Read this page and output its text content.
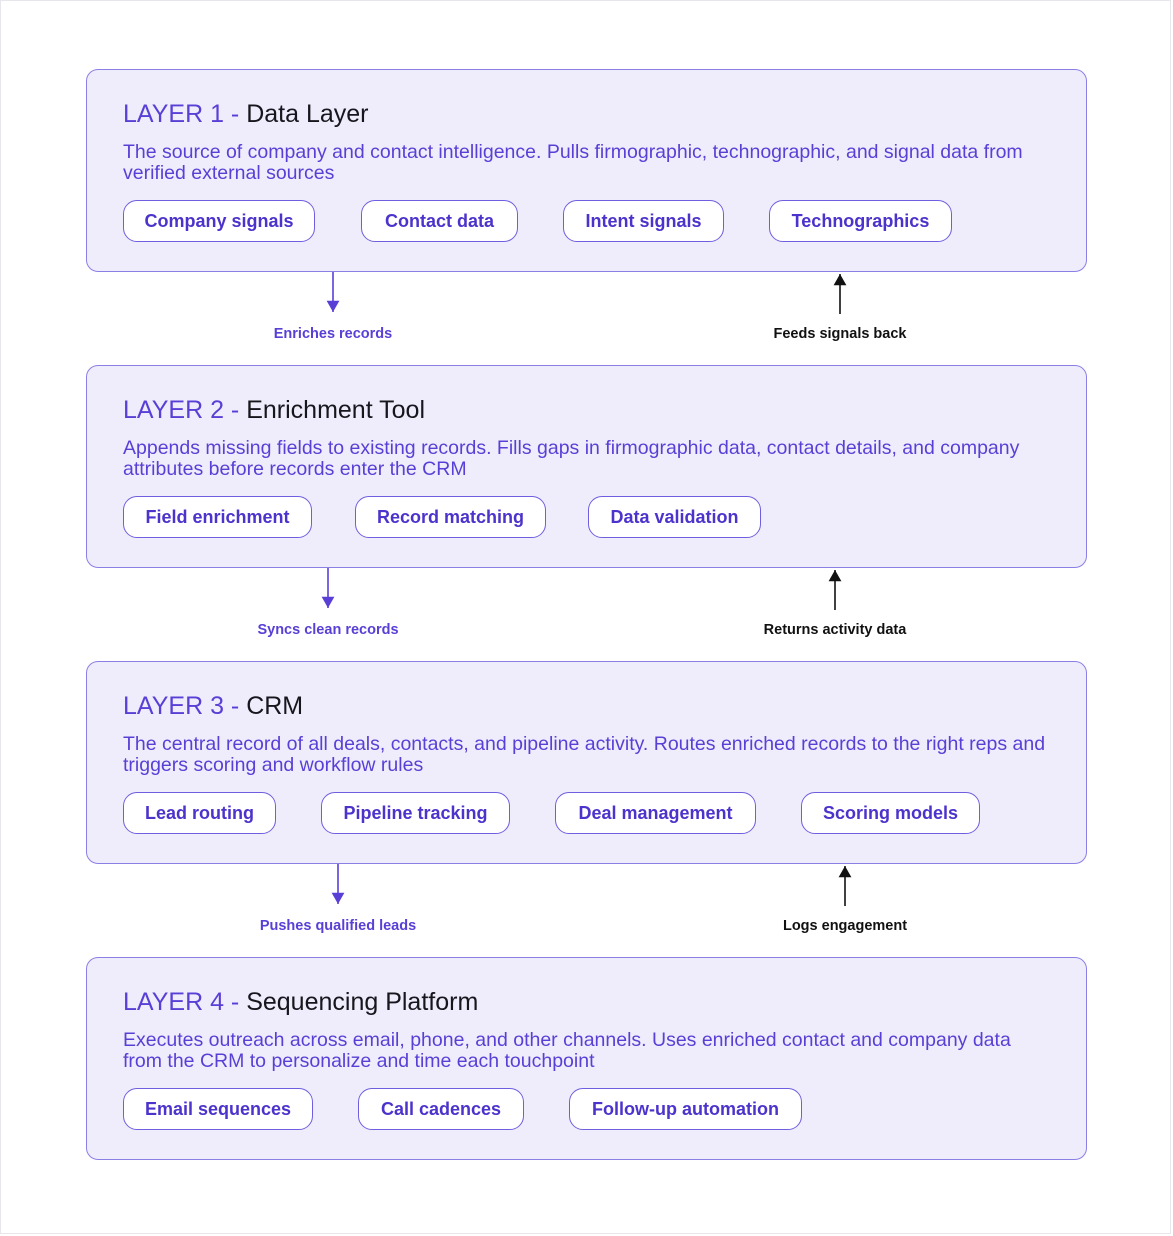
LAYER 1 - Data Layer
The source of company and contact intelligence. Pulls firmographic, technographic, and signal data from verified external sources
Company signals	Contact data	Intent signals	Technographics
LAYER 2 - Enrichment Tool
Appends missing fields to existing records. Fills gaps in firmographic data, contact details, and company attributes before records enter the CRM
Field enrichment	Record matching	Data validation
LAYER 3 - CRM
The central record of all deals, contacts, and pipeline activity. Routes enriched records to the right reps and triggers scoring and workflow rules
Lead routing	Pipeline tracking	Deal management	Scoring models
LAYER 4 - Sequencing Platform
Executes outreach across email, phone, and other channels. Uses enriched contact and company data from the CRM to personalize and time each touchpoint
Email sequences	Call cadences	Follow-up automation
Enriches records	Feeds signals back
Syncs clean records	Returns activity data
Pushes qualified leads	Logs engagement
